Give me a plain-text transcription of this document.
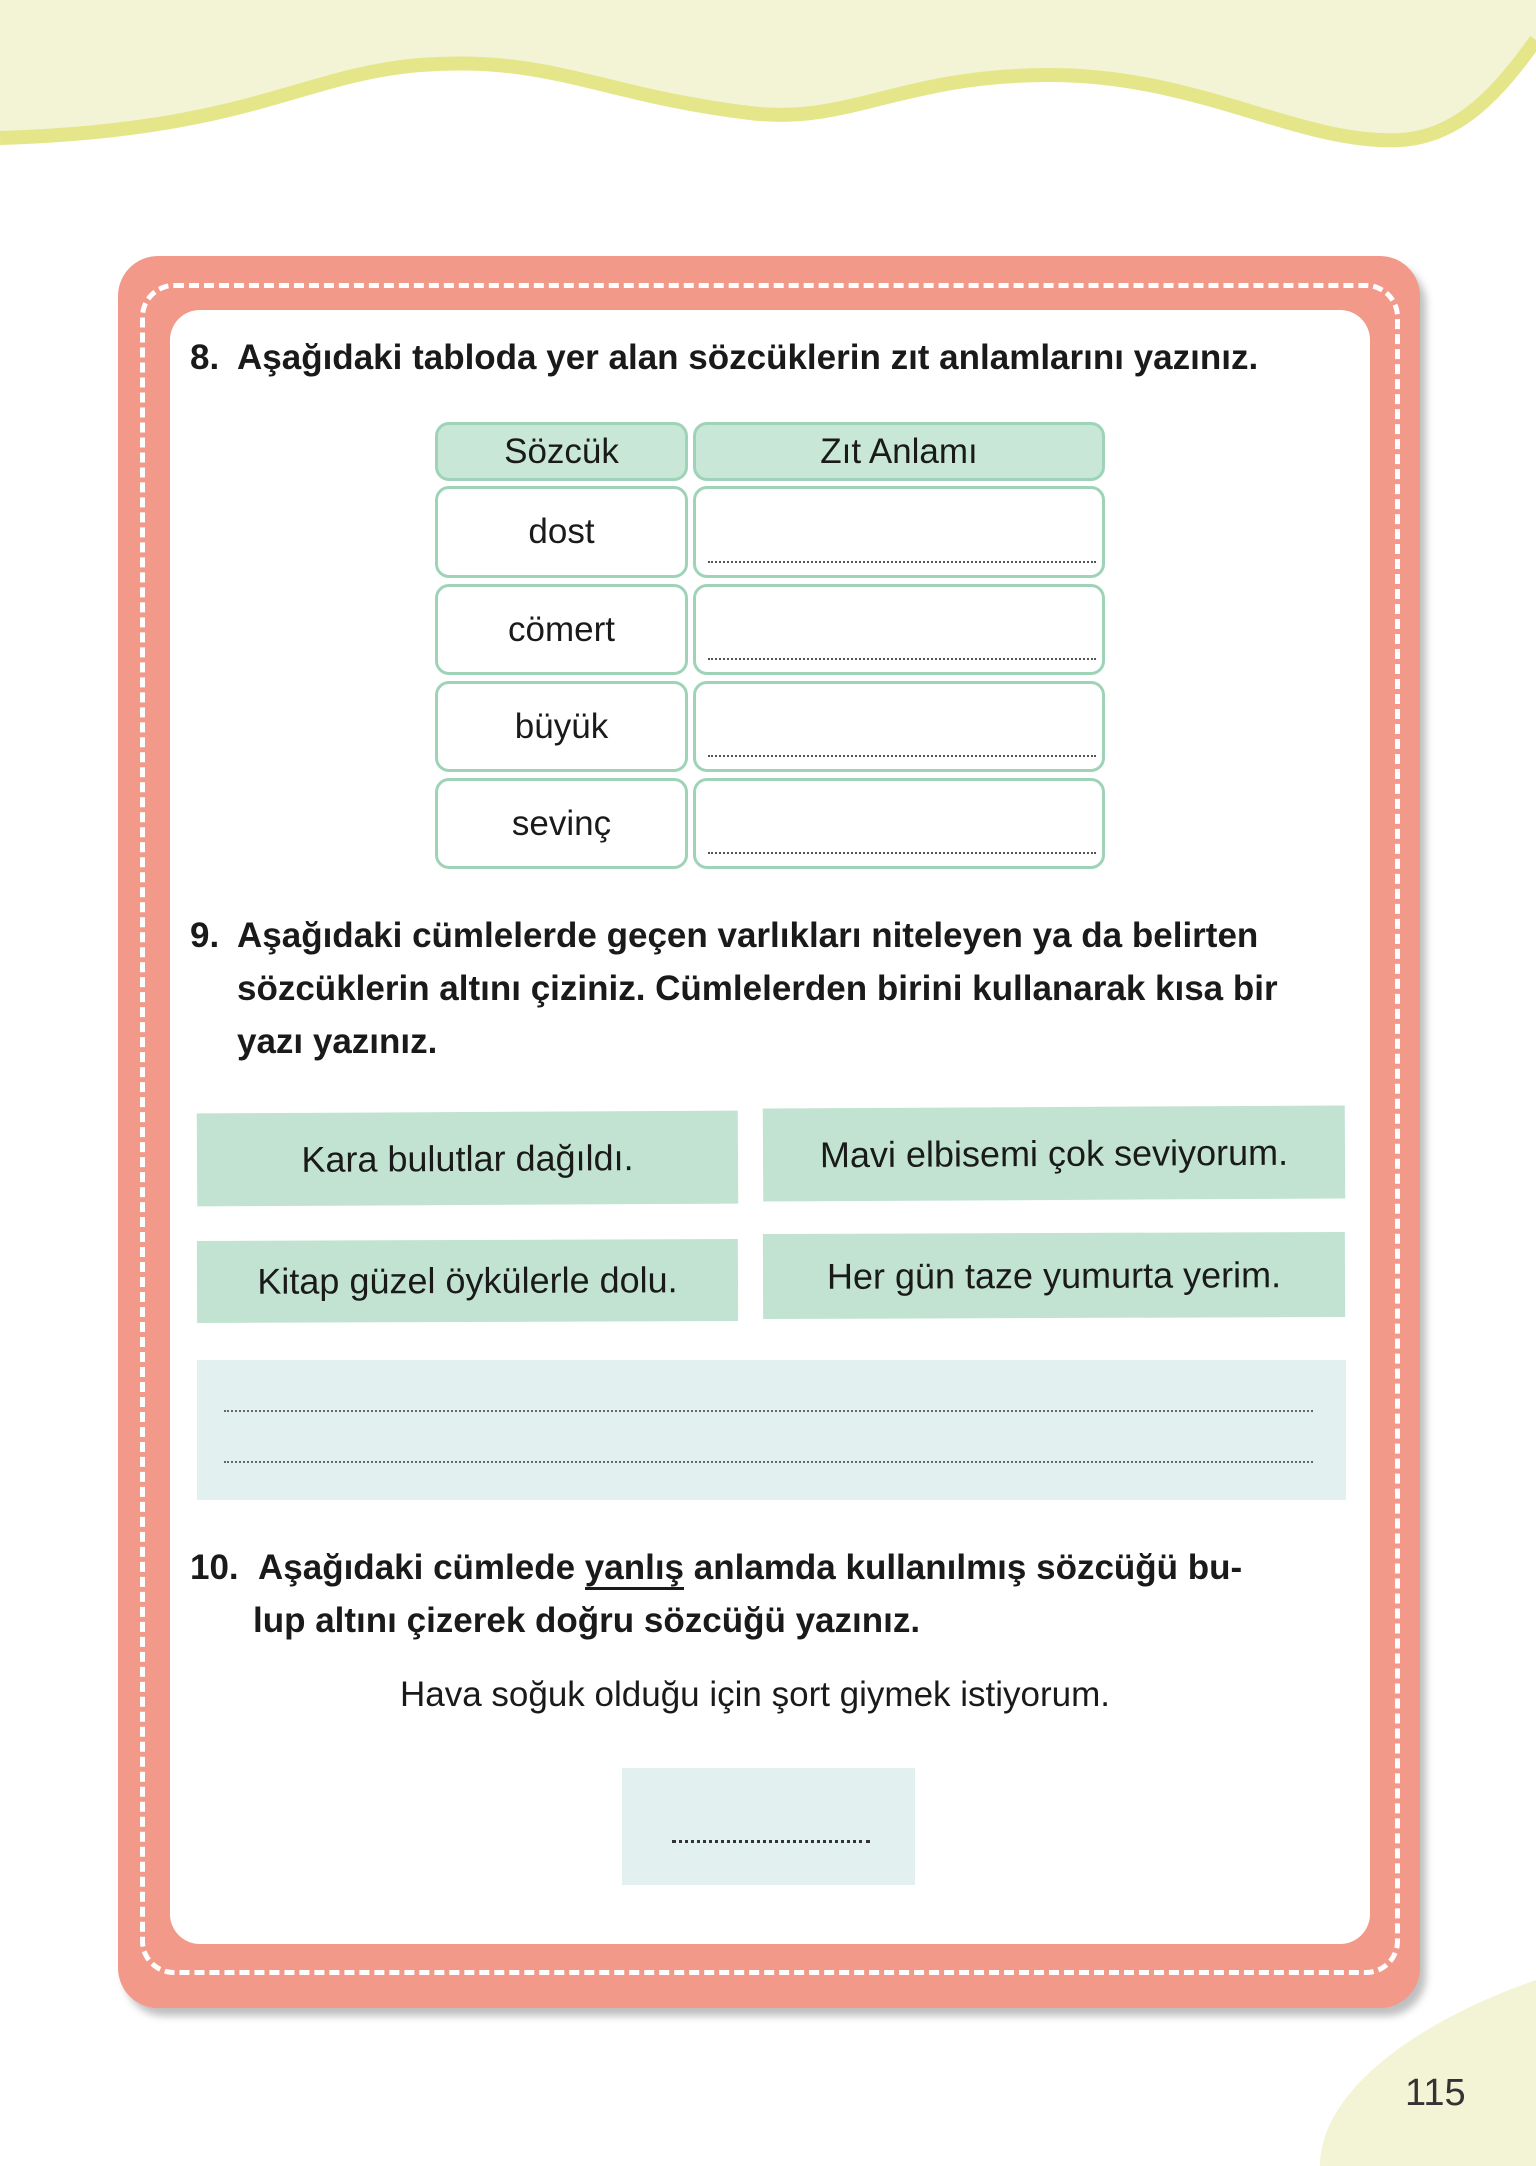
8. Aşağıdaki tabloda yer alan sözcüklerin zıt anlamlarını yazınız.
Sözcük	Zıt Anlamı
dost
cömert
büyük
sevinç
9. Aşağıdaki cümlelerde geçen varlıkları niteleyen ya da belirten
sözcüklerin altını çiziniz. Cümlelerden birini kullanarak kısa bir
yazı yazınız.
Kara bulutlar dağıldı.	Mavi elbisemi çok seviyorum.
Kitap güzel öykülerle dolu.	Her gün taze yumurta yerim.
10. Aşağıdaki cümlede yanlış anlamda kullanılmış sözcüğü bu-
lup altını çizerek doğru sözcüğü yazınız.
Hava soğuk olduğu için şort giymek istiyorum.
115
